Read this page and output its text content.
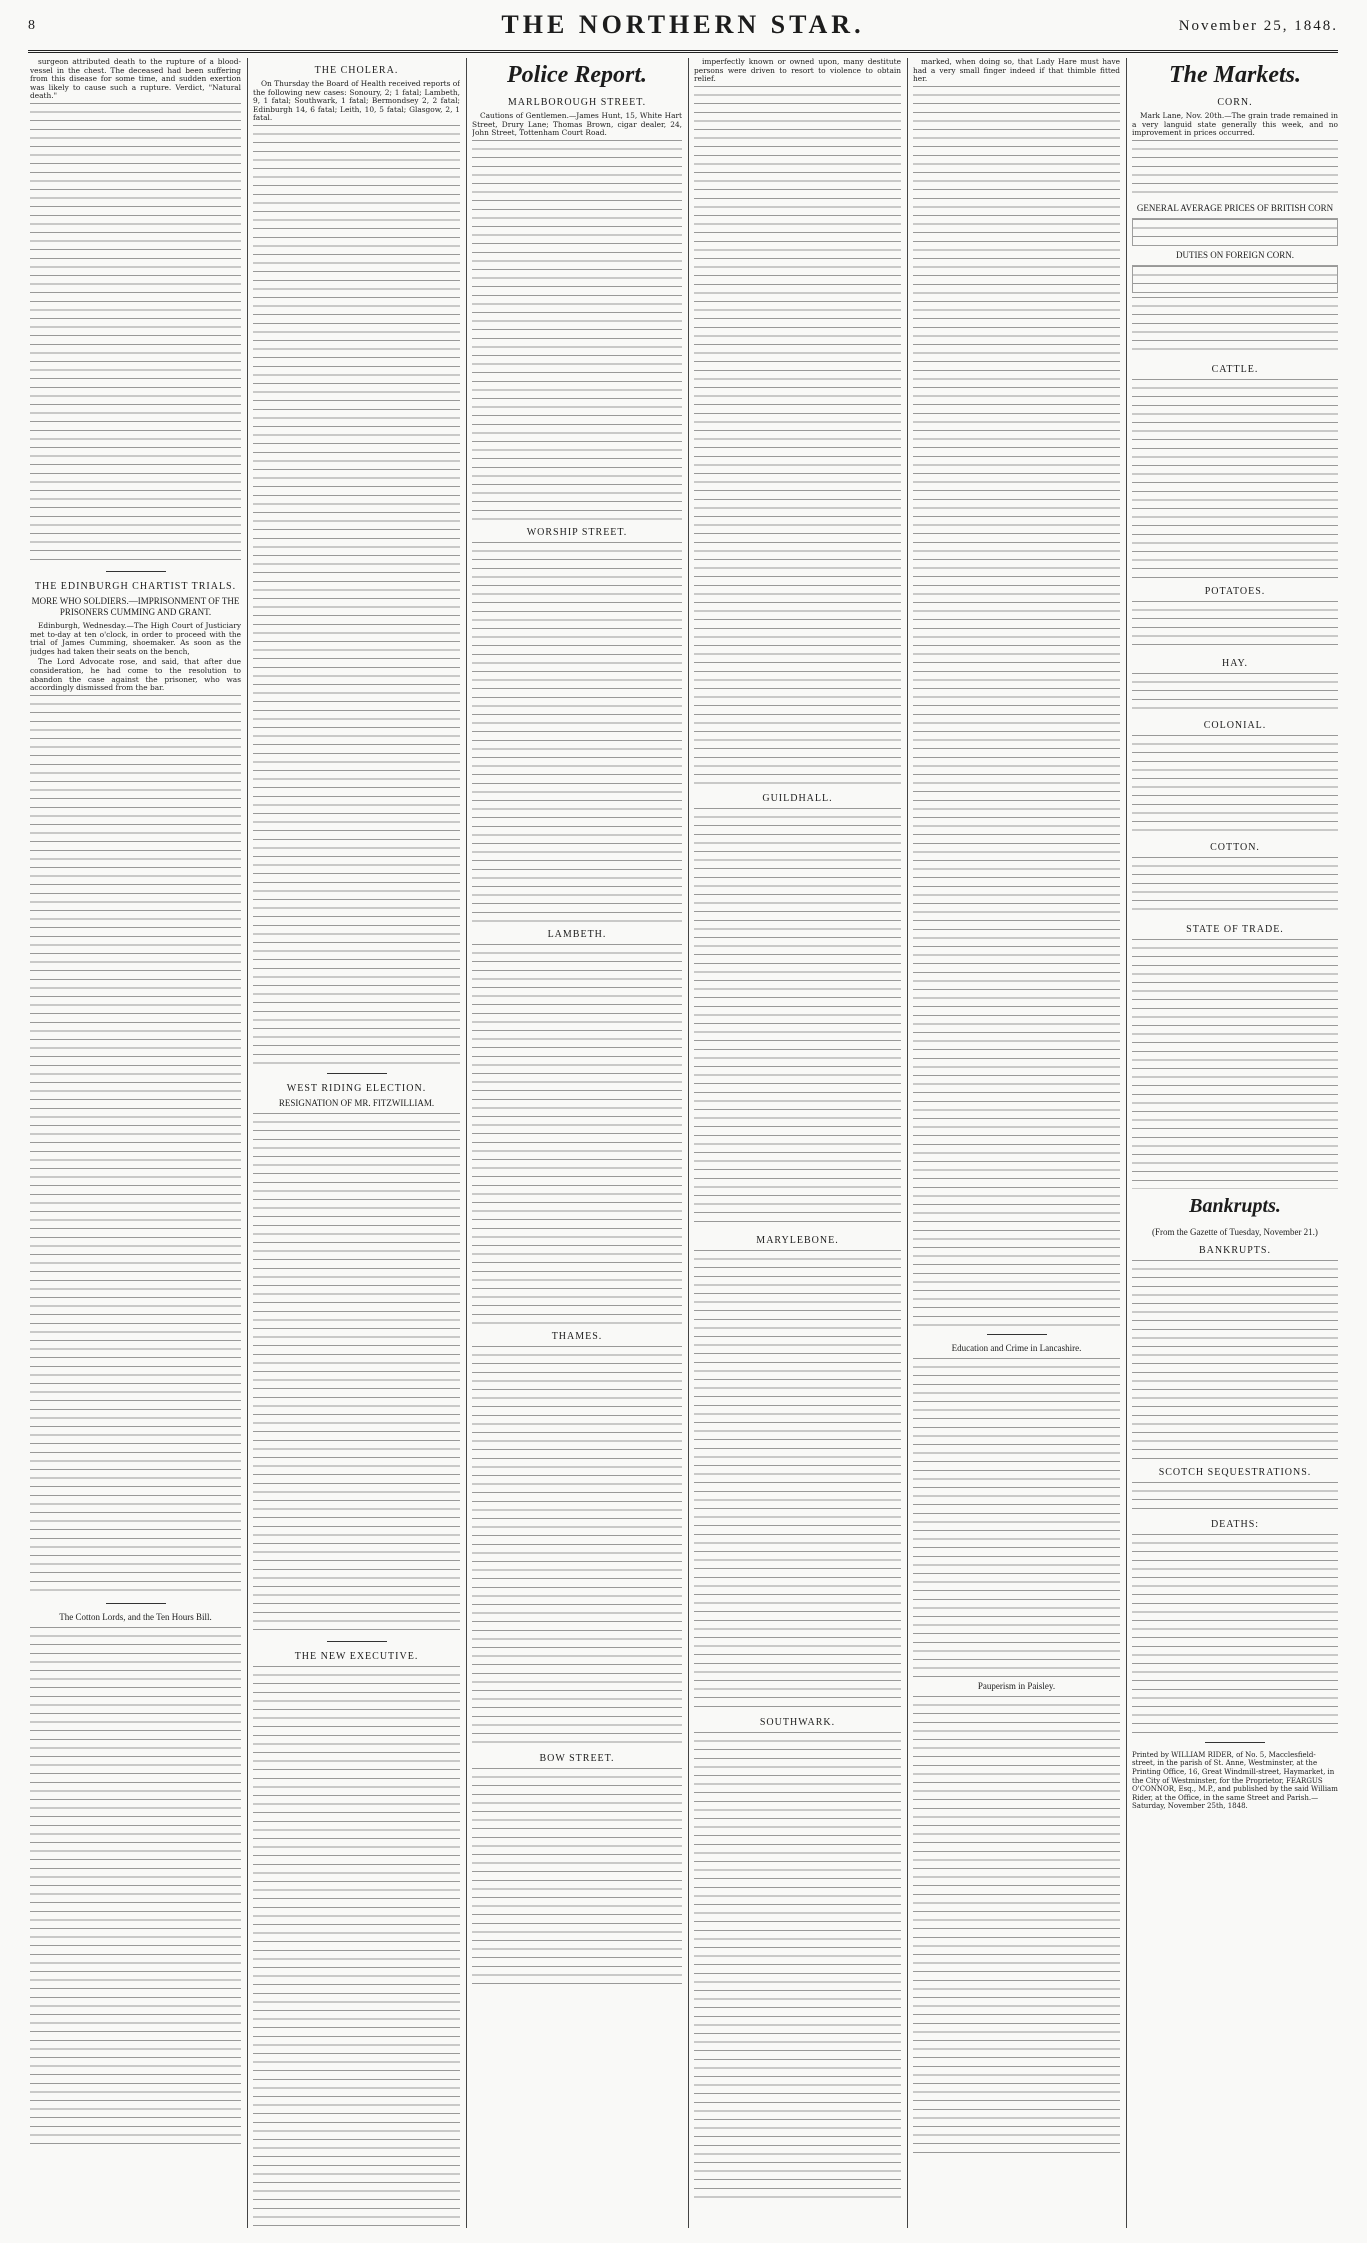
8	THE NORTHERN STAR.	November 25, 1848.

surgeon attributed death to the rupture of a blood-vessel in the chest. The deceased had been suffering from this disease for some time, and sudden exertion was likely to cause such a rupture. Verdict, "Natural death."

THE EDINBURGH CHARTIST TRIALS.
MORE WHO SOLDIERS.—IMPRISONMENT OF THE PRISONERS CUMMING AND GRANT.

Edinburgh, Wednesday.—The High Court of Justiciary met to-day at ten o'clock, in order to proceed with the trial of James Cumming, shoemaker. As soon as the judges had taken their seats on the bench,

The Lord Advocate rose, and said, that after due consideration, he had come to the resolution to abandon the case against the prisoner, who was accordingly dismissed from the bar.

The Cotton Lords, and the Ten Hours Bill.
THE CHOLERA.

On Thursday the Board of Health received reports of the following new cases: Sonoury, 2; 1 fatal; Lambeth, 9, 1 fatal; Southwark, 1 fatal; Bermondsey 2, 2 fatal; Edinburgh 14, 6 fatal; Leith, 10, 5 fatal; Glasgow, 2, 1 fatal.

WEST RIDING ELECTION.
RESIGNATION OF MR. FITZWILLIAM.
THE NEW EXECUTIVE.
Police Report.
MARLBOROUGH STREET.

Cautions of Gentlemen.—James Hunt, 15, White Hart Street, Drury Lane; Thomas Brown, cigar dealer, 24, John Street, Tottenham Court Road.

WORSHIP STREET.
LAMBETH.
THAMES.
BOW STREET.

imperfectly known or owned upon, many destitute persons were driven to resort to violence to obtain relief.

GUILDHALL.
MARYLEBONE.
SOUTHWARK.

marked, when doing so, that Lady Hare must have had a very small finger indeed if that thimble fitted her.

Education and Crime in Lancashire.
Pauperism in Paisley.
The Markets.
CORN.

Mark Lane, Nov. 20th.—The grain trade remained in a very languid state generally this week, and no improvement in prices occurred.

GENERAL AVERAGE PRICES OF BRITISH CORN
DUTIES ON FOREIGN CORN.
CATTLE.
POTATOES.
HAY.
COLONIAL.
COTTON.
STATE OF TRADE.
Bankrupts.
(From the Gazette of Tuesday, November 21.)
BANKRUPTS.
SCOTCH SEQUESTRATIONS.
DEATHS:
Printed by WILLIAM RIDER, of No. 5, Macclesfield-street, in the parish of St. Anne, Westminster, at the Printing Office, 16, Great Windmill-street, Haymarket, in the City of Westminster, for the Proprietor, FEARGUS O'CONNOR, Esq., M.P., and published by the said William Rider, at the Office, in the same Street and Parish.—Saturday, November 25th, 1848.
